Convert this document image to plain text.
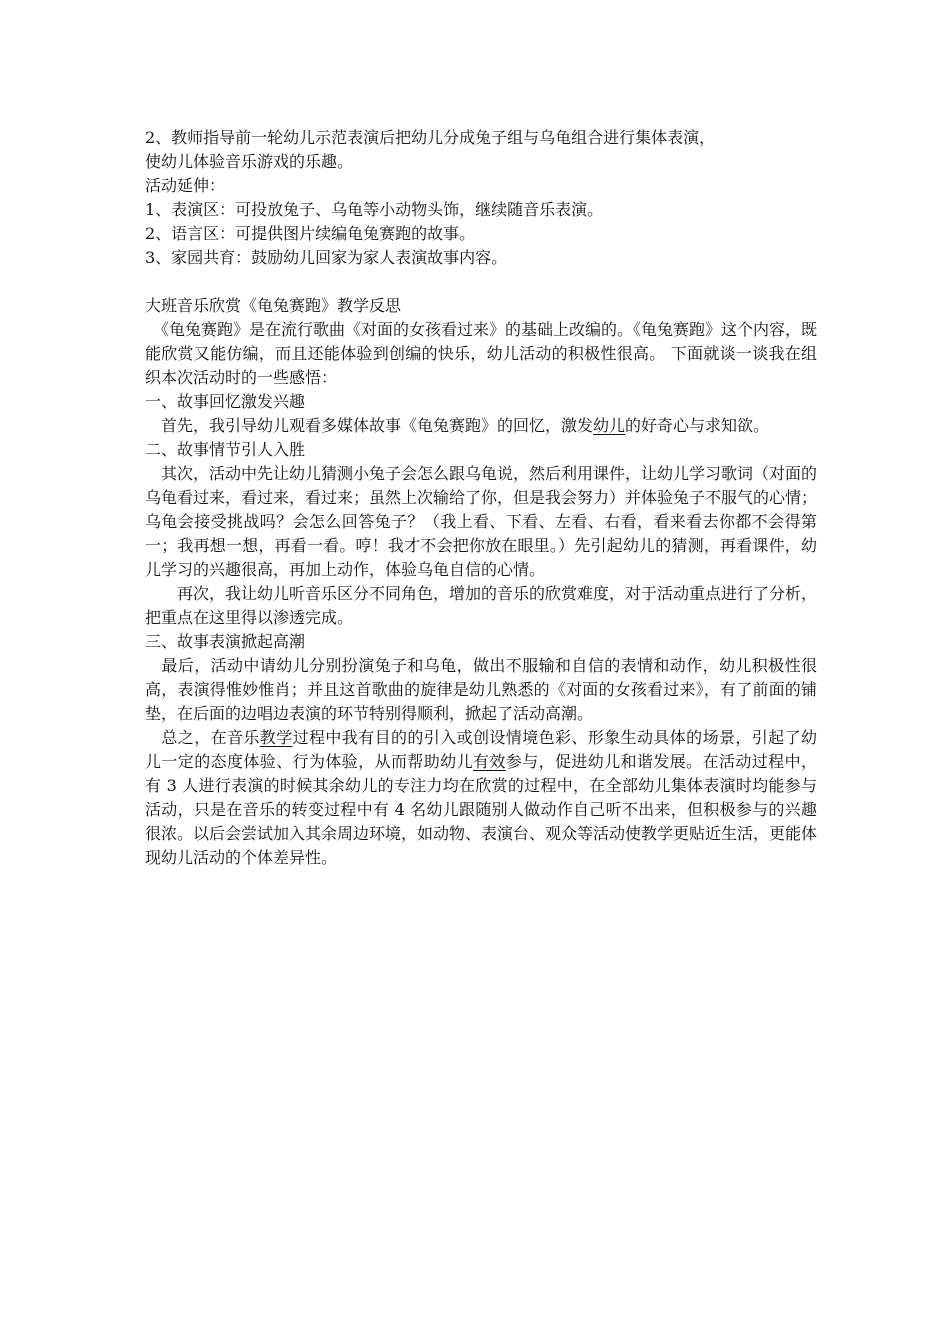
2、教师指导前一轮幼儿示范表演后把幼儿分成兔子组与乌龟组合进行集体表演，
使幼儿体验音乐游戏的乐趣。
活动延伸：
1、表演区：可投放兔子、乌龟等小动物头饰，继续随音乐表演。
2、语言区：可提供图片续编龟兔赛跑的故事。
3、家园共育：鼓励幼儿回家为家人表演故事内容。
大班音乐欣赏《龟兔赛跑》教学反思

　《龟兔赛跑》是在流行歌曲《对面的女孩看过来》的基础上改编的。《龟兔赛跑》这个内容，既能欣赏又能仿编，而且还能体验到创编的快乐，幼儿活动的积极性很高。 下面就谈一谈我在组织本次活动时的一些感悟：

一、故事回忆激发兴趣

　首先，我引导幼儿观看多媒体故事《龟兔赛跑》的回忆，激发幼儿的好奇心与求知欲。

二、故事情节引人入胜

　其次，活动中先让幼儿猜测小兔子会怎么跟乌龟说，然后利用课件，让幼儿学习歌词（对面的乌龟看过来，看过来，看过来；虽然上次输给了你，但是我会努力）并体验兔子不服气的心情；乌龟会接受挑战吗？会怎么回答兔子？（我上看、下看、左看、右看，看来看去你都不会得第一；我再想一想，再看一看。哼！我才不会把你放在眼里。）先引起幼儿的猜测，再看课件，幼儿学习的兴趣很高，再加上动作，体验乌龟自信的心情。

　　再次，我让幼儿听音乐区分不同角色，增加的音乐的欣赏难度，对于活动重点进行了分析，把重点在这里得以渗透完成。

三、故事表演掀起高潮

　最后，活动中请幼儿分别扮演兔子和乌龟，做出不服输和自信的表情和动作，幼儿积极性很高，表演得惟妙惟肖；并且这首歌曲的旋律是幼儿熟悉的《对面的女孩看过来》，有了前面的铺垫，在后面的边唱边表演的环节特别得顺利，掀起了活动高潮。

　总之，在音乐教学过程中我有目的的引入或创设情境色彩、形象生动具体的场景，引起了幼儿一定的态度体验、行为体验，从而帮助幼儿有效参与，促进幼儿和谐发展。在活动过程中，有 3 人进行表演的时候其余幼儿的专注力均在欣赏的过程中，在全部幼儿集体表演时均能参与活动，只是在音乐的转变过程中有 4 名幼儿跟随别人做动作自己听不出来，但积极参与的兴趣很浓。以后会尝试加入其余周边环境，如动物、表演台、观众等活动使教学更贴近生活，更能体现幼儿活动的个体差异性。
